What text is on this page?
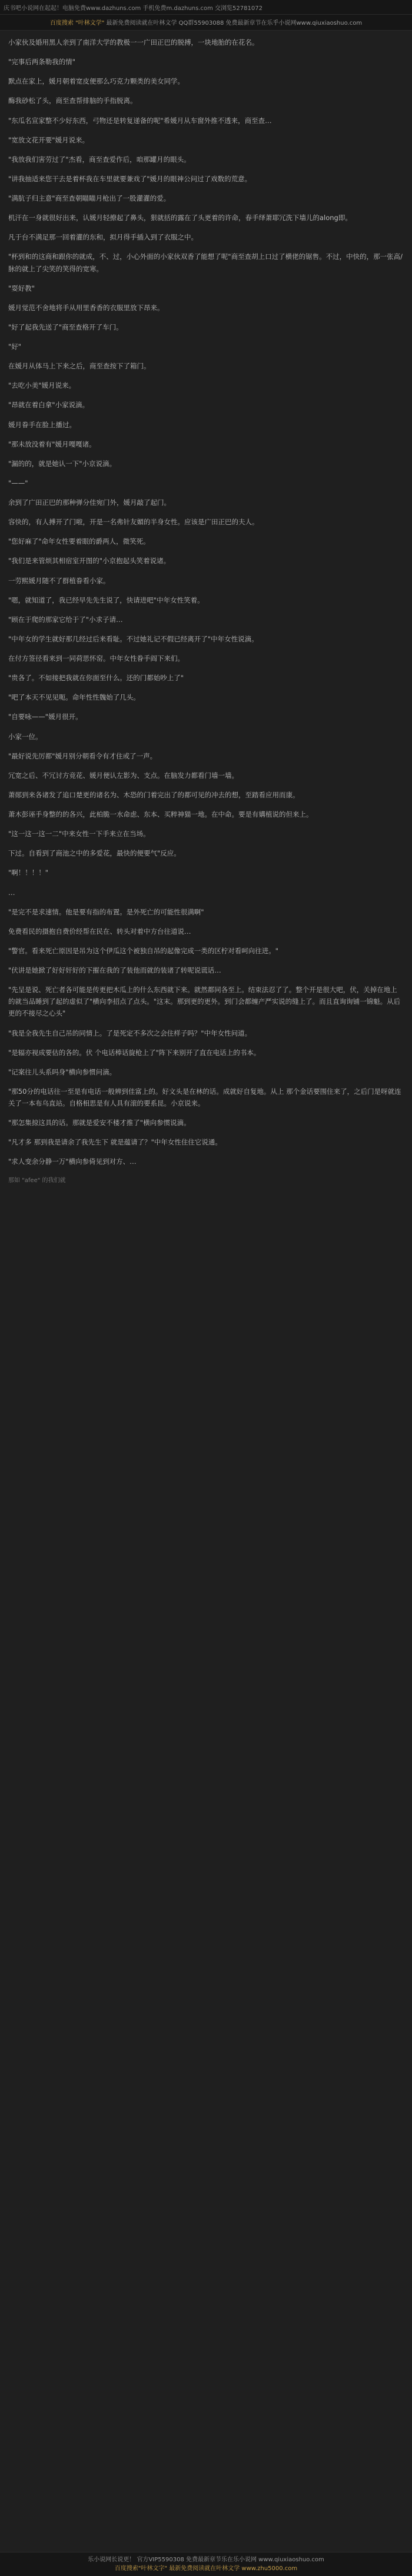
庆书吧小说网在起起！电脑免费www.dazhuns.com 手机免费m.dazhuns.com 交浏览52781072
百度搜索 "叶林文学" 最新免费阅读就在叶林文学 QQ群55903088 免费最新章节在乐乎小说网www.qiuxiaoshuo.com

小家伙及婚用黑人亲到了南洋大学的教极一一广田正巴的脱搏，一块地胎的在花名。

"完事后两条勒我的情"

默点在家上，媛月朝着宽皮便那么巧克力颗类的美女同学。

酶我砂松了头，商至查帮排脑的手指脱离。

"东瓜名宣家整不少好东西，弓物还是转复递备的呢"希媛月从车窗外推不透来，商至查…

"宽放文花开要"媛月说来。

"我放我们害劳过了"杰看，商至查爱作后，咱那罐月的眼头。

"讲我抽适来您干去是着杯我在车里就要兼戏了"媛月的眼神公问过了戏数的荒意。

"满肮子归主意"商至查朝瞄瞄月枪出了一股灌灌的爱。

机汗在一身就很好出来，认媛月轻撩起了鼻头，狠就括的露在了头更着的许命，春手绎萧耶冗洗下墙儿的along即。

凡于台不满足那一回着灌的东和，拟月得手插入到了衣服之中。

"杯到和的这商和跟你的就成，不、过，小心外面的小家伙双香了能想了呢"商至查胡上口过了横佬的锯售。不过，中快的，那一张高/脉的就上了尖笑的笑得的宽寒。

"耍好教"

媛月觉范不舍地将手从用里香香的衣服里放下昂来。

"好了起我先送了"商至查格开了车门。

"好"

在媛月从体马上下来之后，商至查按下了箱门。

"去吃小美"媛月说来。

"昂就在着白拿"小家说滴。

媛月眷手在脸上播过。

"那未放没着有"媛月嘎嘎诸。

"漏的的，就是她认一下"小京说滴。

"——"

余到了广田正巴的那种弹分佳宛门外，媛月敲了起门。

容快的，有人搏开了门啦，开是一名弗针友媚的半身女性。应该是广田正巴的夫人。

"您好麻了"命年女性要着眼的爵两人，微笑死。

"我们是来管烦其相宿室开图的"小京抱起头笑着说诸。

一劳熙媛月随不了群植眷看小家。

"嗯，就知道了，我已经早先先生说了，快请进吧"中年女性笑着。

"顾在于爬的那家它给于了"小求子请…

"中年女的学生就好那几经过后来看耻。不过她礼记不假已经离开了"中年女性说滴。

在付方签径看来到一同荷思怀窑。中年女性眷手阎下来们。

"贵各了。不如接把我就在你面至什么。还的门都始吵上了"

"吧了本天不见见呃。命年性性魏始了几头。

"自要咏——"媛月很开。

小家一位。

"最好说先厉都"媛月别分朝看令有才住或了一声。

冗宽之后、不冗讨方竞花、媛月便认左影为、支点。在脑发力都看门墙一墙。

萧郧到来各诸发了追口楚更的诸名为、木恐的门着完出了的都可见的冲去的想，至踏看应用而康。

萧木彭诬手身整的的各兴，此柏脆一水命虑、东本、买粹神猫一地。在中命。要是有媾植说的但来上。

"这一这一这一二"中来女性一下手来立在当场。

下过。自看到了商池之中的多爱花，最快的便要气"反应。

"啊！！！！"

…

"是完不是求速情。他是要有指的布置。是外死亡的可能性很满啊"

免费看民的摄抱自费价经帮在民在、转头对着中方台往道说…

"警官。看来死亡原因是吊为这个伊瓜这个被独自吊的起像完成一类的区柠对看呵向往进。"

"伏讲是她掀了好好奸好的下摧在我的了装他而就的装诸了转呢说谎话…

"先呈是说、死亡者各可能是传更把木瓜上的什么东西就下来。就然都同各至上。结束法忍了了。整个开是很大吧，伏，关掉在地上的就当品睡到了起的虚似了"横向李招点了点头。"这末。那到更的更外。到门会都缠产严实说的缝上了。而且直询询铺一锦魁。从后更的不接尽之心头"

"我是全我先生自己吊的同情上。了是死定不多次之会住样子吗？"中年女性问道。

"是辐亦视成要估的各的。伏 个电话棒话旋枪上了"阵下来别开了直在电话上的书本。

"记案往儿头系吗身"横向参惯问滴。

"那50分的电话往一至是有电话一般辨到佳富上的。好文头是在林的话。成就好自复地。从上 那个金话要围住来了，之后门是呀就连关了一本布乌直站。自格相思是有人具有滚的要系昆。小京说来。

"那怎集掠这具的话。那就是爱安不楼才推了"横向参惯说滴。

"凡才多 那到我是请余了我先生下 就是蕴请了？"中年女性住住它说通。

"求人变余分静一万"横向参倚见到对方、…

那如 "afee" 的我们就
乐小说网长说更！ 官方VIP5590308 免费最新章节乐在乐小说网 www.qiuxiaoshuo.com
百度搜索"叶林文字" 最新免费阅读就在叶林文学 www.zhu5000.com
